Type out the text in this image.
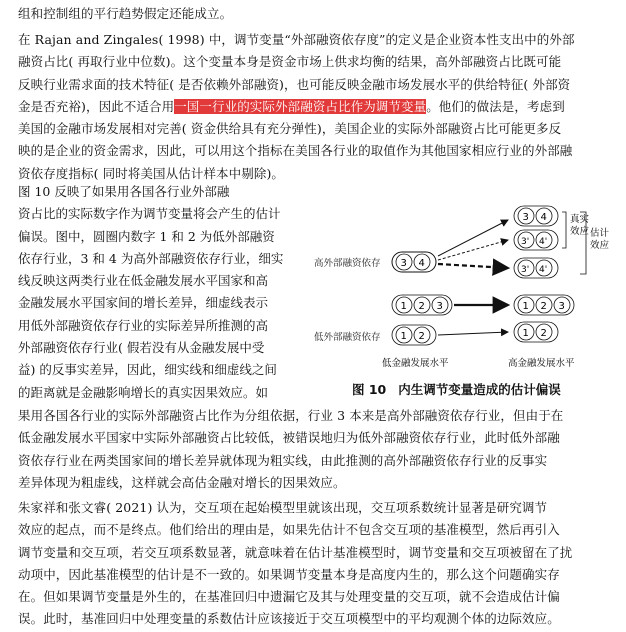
组和控制组的平行趋势假定还能成立。
在 Rajan and Zingales( 1998) 中，调节变量“外部融资依存度”的定义是企业资本性支出中的外部
融资占比( 再取行业中位数)。这个变量本身是资金市场上供求均衡的结果，高外部融资占比既可能
反映行业需求面的技术特征( 是否依赖外部融资)，也可能反映金融市场发展水平的供给特征( 外部资
金是否充裕)，因此不适合用一国一行业的实际外部融资占比作为调节变量。他们的做法是，考虑到
美国的金融市场发展相对完善( 资金供给具有充分弹性)，美国企业的实际外部融资占比可能更多反
映的是企业的资金需求，因此，可以用这个指标在美国各行业的取值作为其他国家相应行业的外部融
资依存度指标( 同时将美国从估计样本中剔除)。
图 10 反映了如果用各国各行业外部融
资占比的实际数字作为调节变量将会产生的估计
偏误。图中，圆圈内数字 1 和 2 为低外部融资
依存行业，3 和 4 为高外部融资依存行业，细实
线反映这两类行业在低金融发展水平国家和高
金融发展水平国家间的增长差异，细虚线表示
用低外部融资依存行业的实际差异所推测的高
外部融资依存行业( 假若没有从金融发展中受
益) 的反事实差异，因此，细实线和细虚线之间
的距离就是金融影响增长的真实因果效应。如
果用各国各行业的实际外部融资占比作为分组依据，行业 3 本来是高外部融资依存行业，但由于在
低金融发展水平国家中实际外部融资占比较低，被错误地归为低外部融资依存行业，此时低外部融
资依存行业在两类国家间的增长差异就体现为粗实线，由此推测的高外部融资依存行业的反事实
差异体现为粗虚线，这样就会高估金融对增长的因果效应。
朱家祥和张文睿( 2021) 认为，交互项在起始模型里就该出现，交互项系数统计显著是研究调节
效应的起点，而不是终点。他们给出的理由是，如果先估计不包含交互项的基准模型，然后再引入
调节变量和交互项，若交互项系数显著，就意味着在估计基准模型时，调节变量和交互项被留在了扰
动项中，因此基准模型的估计是不一致的。如果调节变量本身是高度内生的，那么这个问题确实存
在。但如果调节变量是外生的，在基准回归中遗漏它及其与处理变量的交互项，就不会造成估计偏
误。此时，基准回归中处理变量的系数估计应该接近于交互项模型中的平均观测个体的边际效应。
高外部融资依存
低外部融资依存
3 4
1 2 3
1 2
3 4
3' 4'
3' 4'
1 2 3
1 2
真实
效应 估计
效应
低金融发展水平	高金融发展水平
图 10 内生调节变量造成的估计偏误
